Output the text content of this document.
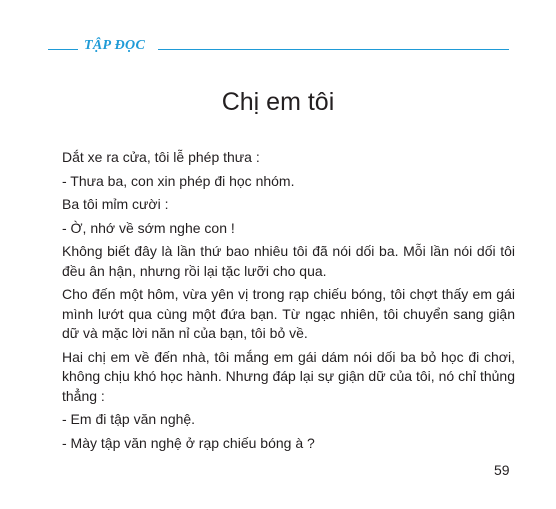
TẬP ĐỌC
Chị em tôi

Dắt xe ra cửa, tôi lễ phép thưa :

- Thưa ba, con xin phép đi học nhóm.

Ba tôi mỉm cười :

- Ờ, nhớ về sớm nghe con !

Không biết đây là lần thứ bao nhiêu tôi đã nói dối ba. Mỗi lần nói dối tôi đều ân hận, nhưng rồi lại tặc lưỡi cho qua.

Cho đến một hôm, vừa yên vị trong rạp chiếu bóng, tôi chợt thấy em gái mình lướt qua cùng một đứa bạn. Từ ngạc nhiên, tôi chuyển sang giận dữ và mặc lời năn nỉ của bạn, tôi bỏ về.

Hai chị em về đến nhà, tôi mắng em gái dám nói dối ba bỏ học đi chơi, không chịu khó học hành. Nhưng đáp lại sự giận dữ của tôi, nó chỉ thủng thẳng :

- Em đi tập văn nghệ.

- Mày tập văn nghệ ở rạp chiếu bóng à ?

59
